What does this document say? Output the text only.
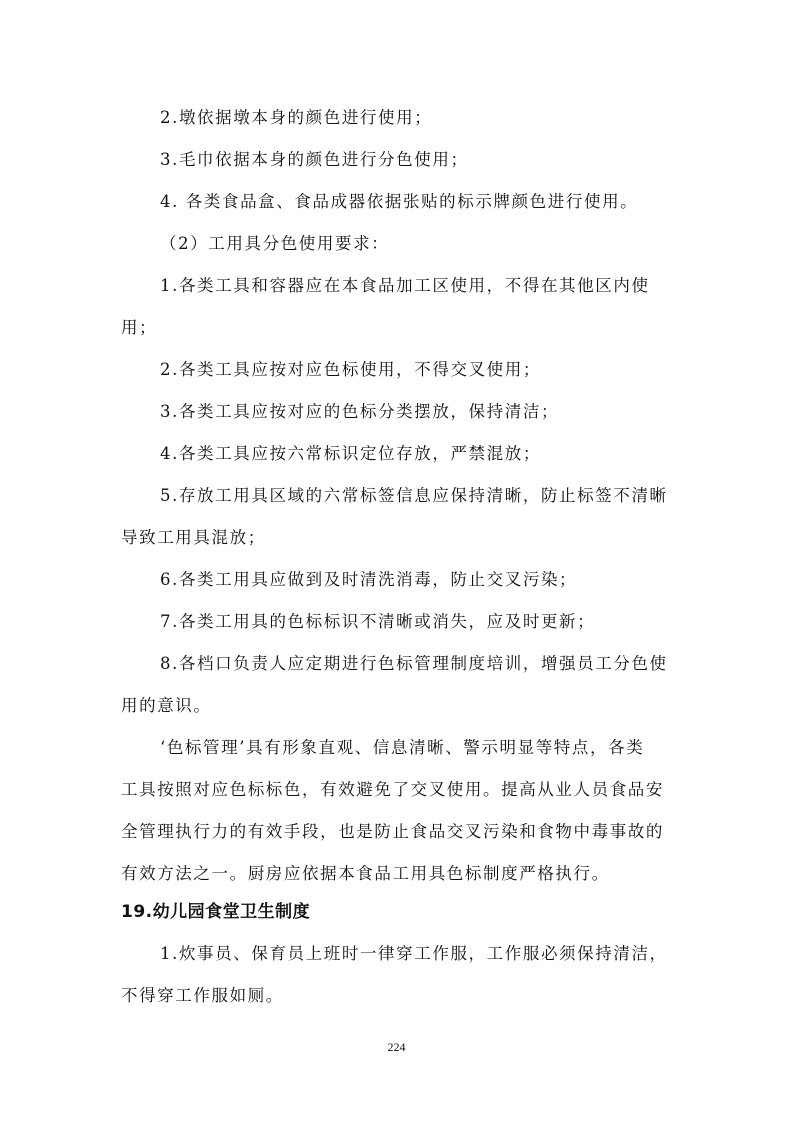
2.墩依据墩本身的颜色进行使用；
3.毛巾依据本身的颜色进行分色使用；
4. 各类食品盒、食品成器依据张贴的标示牌颜色进行使用。
（2）工用具分色使用要求：
1.各类工具和容器应在本食品加工区使用，不得在其他区内使
用；
2.各类工具应按对应色标使用，不得交叉使用；
3.各类工具应按对应的色标分类摆放，保持清洁；
4.各类工具应按六常标识定位存放，严禁混放；
5.存放工用具区域的六常标签信息应保持清晰，防止标签不清晰
导致工用具混放；
6.各类工用具应做到及时清洗消毒，防止交叉污染；
7.各类工用具的色标标识不清晰或消失，应及时更新；
8.各档口负责人应定期进行色标管理制度培训，增强员工分色使
用的意识。
‘色标管理’具有形象直观、信息清晰、警示明显等特点，各类
工具按照对应色标标色，有效避免了交叉使用。提高从业人员食品安
全管理执行力的有效手段，也是防止食品交叉污染和食物中毒事故的
有效方法之一。厨房应依据本食品工用具色标制度严格执行。
19.幼儿园食堂卫生制度
1.炊事员、保育员上班时一律穿工作服，工作服必须保持清洁，
不得穿工作服如厕。
224
